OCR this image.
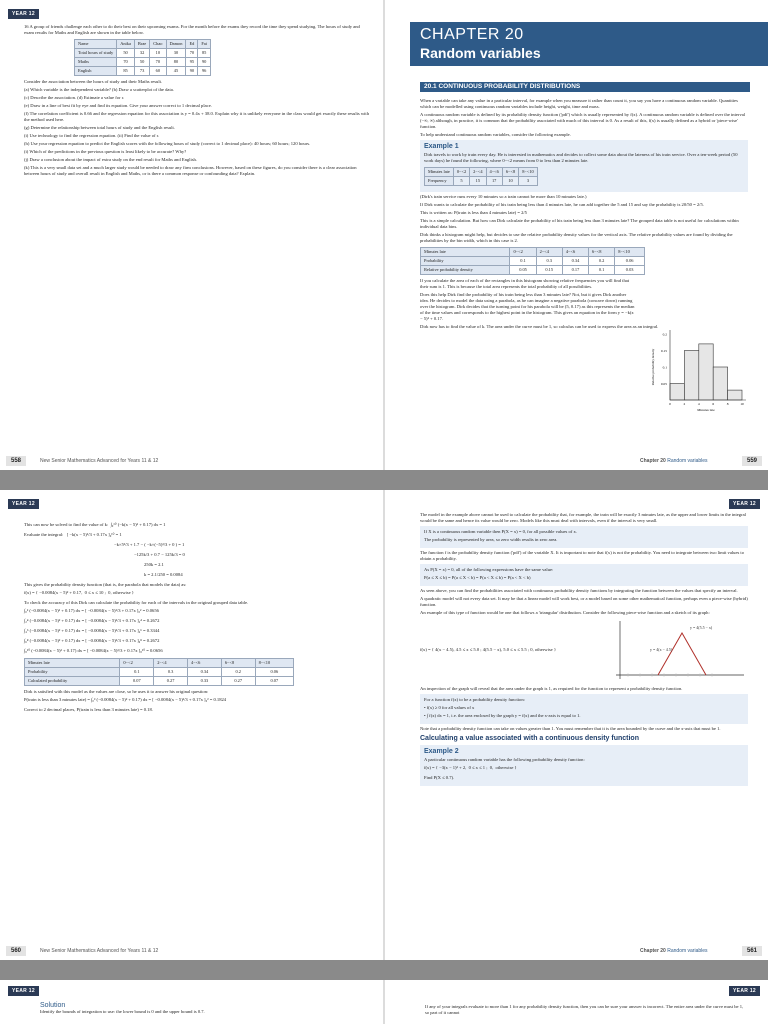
YEAR 12

16 A group of friends challenge each other to do their best on their upcoming exams. For the month before the exams they record the time they spend studying. The hours of study and exam results for Maths and English are shown in the table below.

Name	Anika	Brae	Chao	Damon	Ed	Fai
Total hours of study	50	32	10	30	70	85
Maths	70	50	70	80	95	90
English	85	73	60	45	90	96

Consider the association between the hours of study and their Maths result.

(a) Which variable is the independent variable? (b) Draw a scatterplot of the data.

(c) Describe the association. (d) Estimate a value for r.

(e) Draw in a line of best fit by eye and find its equation. Give your answer correct to 1 decimal place.

(f) The correlation coefficient is 0.66 and the regression equation for this association is y = 0.4x + 38.0. Explain why it is unlikely everyone in the class would get exactly these results with the method used here.

(g) Determine the relationship between total hours of study and the English result.

(i) Use technology to find the regression equation. (ii) Find the value of r.

(h) Use your regression equation to predict the English scores with the following hours of study (correct to 1 decimal place): 40 hours; 60 hours; 120 hours.

(i) Which of the predictions in the previous question is least likely to be accurate? Why?

(j) Draw a conclusion about the impact of extra study on the end result for Maths and English.

(k) This is a very small data set and a much larger study would be needed to draw any firm conclusions. However, based on these figures, do you consider there is a clear association between hours of study and overall result in English and Maths, or is there a common response or confounding data? Explain.

New Senior Mathematics Advanced for Years 11 & 12
558
CHAPTER 20
Random variables
20.1 CONTINUOUS PROBABILITY DISTRIBUTIONS

When a variable can take any value in a particular interval, for example when you measure it rather than count it, you say you have a continuous random variable. Quantities which can be modelled using continuous random variables include height, weight, time and mass.

A continuous random variable is defined by its probability density function ('pdf') which is usually represented by f(x). A continuous random variable is defined over the interval (−∞, ∞) although, in practice, it is common that the probability associated with much of this interval is 0. As a result of this, f(x) is usually defined as a hybrid or 'piece-wise' function.

To help understand continuous random variables, consider the following example.

Example 1

Dirk travels to work by train every day. He is interested in mathematics and decides to collect some data about the lateness of his train service. Over a ten-week period (50 work days) he found the following, where 0−<2 means from 0 to less than 2 minutes late.

Minutes late	0−<2	2−<4	4−<6	6−<8	8−<10
Frequency	5	15	17	10	3

(Dirk's train service runs every 10 minutes so a train cannot be more than 10 minutes late.)

If Dirk wants to calculate the probability of his train being less than 4 minutes late, he can add together the 5 and 15 and say the probability is 20/50 = 2/5.

This is written as: P(train is less than 4 minutes late) = 2/5

This is a simple calculation. But how can Dirk calculate the probability of his train being less than 3 minutes late? The grouped data table is not useful for calculations within individual data bins.

Dirk thinks a histogram might help, but decides to use the relative probability density values for the vertical axis. The relative probability values are found by dividing the probabilities by the bin width, which in this case is 2.

Minutes late	0−<2	2−<4	4−<6	6−<8	8−<10
Probability	0.1	0.3	0.34	0.2	0.06
Relative probability density	0.05	0.15	0.17	0.1	0.03

If you calculate the area of each of the rectangles in this histogram showing relative frequencies you will find that their sum is 1. This is because the total area represents the total probability of all possibilities.

Does this help Dirk find the probability of his train being less than 3 minutes late? Not, but it gives Dirk another idea. He decides to model the data using a parabola, as he can imagine a negative parabola (concave down) running over the histogram. Dirk decides that the turning point for his parabola will be (5, 0.17) as this represents the median of the time values and corresponds to the highest point in the histogram. This gives an equation in the form y = −k(x − 5)² + 0.17.

Dirk now has to find the value of k. The area under the curve must be 1, so calculus can be used to express the area as an integral.

0.2
0.15
0.1
0.05
0	2	4	6	8	10
Minutes late
Relative probability density
Chapter 20 Random variables	559
YEAR 12	YEAR 12
This can now be solved to find the value of k:  ∫₀¹⁰ (−k(x − 5)² + 0.17) dx = 1
Evaluate the integral:   [ −k(x − 5)³/3 + 0.17x ]₀¹⁰ = 1
−k×5³/3 + 1.7 − ( −k×(−5)³/3 + 0 ) = 1
−125k/3 + 0.7 − 125k/3 = 0
250k = 2.1
k = 2.1/250 = 0.0084

This gives the probability density function (that is, the parabola that models the data) as:

f(x) = { −0.0084(x − 5)² + 0.17,  0 ≤ x ≤ 10 ;  0, otherwise }

To check the accuracy of this Dirk can calculate the probability for each of the intervals in the original grouped data table.

∫₀² (−0.0084(x − 5)² + 0.17) dx = [ −0.0084(x − 5)³/3 + 0.17x ]₀² = 0.0656
∫₂⁴ (−0.0084(x − 5)² + 0.17) dx = [ −0.0084(x − 5)³/3 + 0.17x ]₂⁴ = 0.2672
∫₄⁶ (−0.0084(x − 5)² + 0.17) dx = [ −0.0084(x − 5)³/3 + 0.17x ]₄⁶ = 0.3344
∫₆⁸ (−0.0084(x − 5)² + 0.17) dx = [ −0.0084(x − 5)³/3 + 0.17x ]₆⁸ = 0.2672
∫₈¹⁰ (−0.0084(x − 5)² + 0.17) dx = [ −0.0084(x − 5)³/3 + 0.17x ]₈¹⁰ = 0.0656
Minutes late	0−<2	2−<4	4−<6	6−<8	8−<10
Probability	0.1	0.3	0.34	0.2	0.06
Calculated probability	0.07	0.27	0.33	0.27	0.07

Dirk is satisfied with this model as the values are close, so he uses it to answer his original question:

P(train is less than 3 minutes late) = ∫₀³ (−0.0084(x − 5)² + 0.17) dx = [ −0.0084(x − 5)³/3 + 0.17x ]₀³ = 0.1824

Correct to 2 decimal places, P(train is less than 3 minutes late) = 0.18.

New Senior Mathematics Advanced for Years 11 & 12
560

The model in the example above cannot be used to calculate the probability that, for example, the train will be exactly 3 minutes late, as the upper and lower limits in the integral would be the same and hence its value would be zero. Models like this must deal with intervals, even if the interval is very small.

If X is a continuous random variable then P(X = x) = 0, for all possible values of x.

The probability is represented by area, so zero width results in zero area.

The function f is the probability density function ('pdf') of the variable X. It is important to note that f(x) is not the probability. You need to integrate between two limit values to obtain a probability.

As P(X = x) = 0, all of the following expressions have the same value:

P(a ≤ X ≤ b) = P(a ≤ X < b) = P(a < X ≤ b) = P(a < X < b)

As seen above, you can find the probabilities associated with continuous probability density functions by integrating the function between the values that specify an interval.

A quadratic model will not every data set. It may be that a linear model will work best, or a model based on some other mathematical function, perhaps even a piece-wise (hybrid) function.

An example of this type of function would be one that follows a 'triangular' distribution. Consider the following piece-wise function and a sketch of its graph:

f(x) = { 4(x − 4.5), 4.5 ≤ x ≤ 5.0 ; 4(5.5 − x), 5.0 ≤ x ≤ 5.5 ; 0, otherwise }
y = 4(5.5 − x)
y = 4(x − 4.5)

An inspection of the graph will reveal that the area under the graph is 1, as required for the function to represent a probability density function.

For a function f(x) to be a probability density function:

• f(x) ≥ 0 for all values of x

• ∫ f(x) dx = 1, i.e. the area enclosed by the graph y = f(x) and the x-axis is equal to 1.

Note that a probability density function can take on values greater than 1. You must remember that it is the area bounded by the curve and the x-axis that must be 1.

Calculating a value associated with a continuous density function
Example 2

A particular continuous random variable has the following probability density function:

f(x) = { −3(x − 1)² + 2,  0 ≤ x ≤ 1 ;  0,  otherwise }

Find P(X ≤ 0.7).

Chapter 20 Random variables	561
YEAR 12	YEAR 12
Solution

Identify the bounds of integration to use: the lower bound is 0 and the upper bound is 0.7.

If any of your integrals evaluate to more than 1 for any probability density function, then you can be sure your answer is incorrect. The entire area under the curve must be 1, so part of it cannot
